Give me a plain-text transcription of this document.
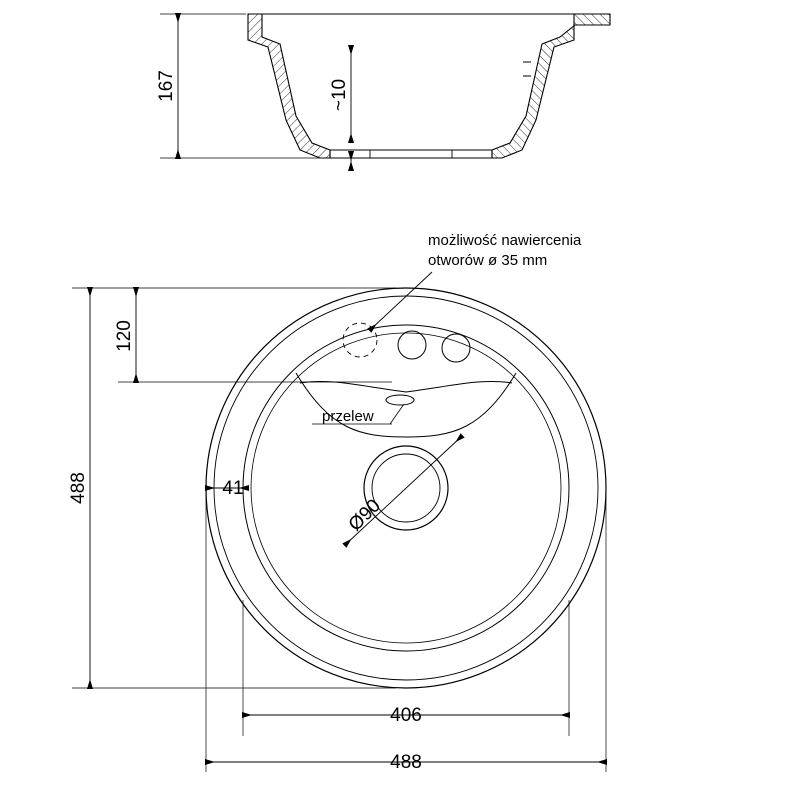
167	~10
Ø90
przelew
możliwość nawiercenia
otworów ø 35 mm
120
488	41
406
488
